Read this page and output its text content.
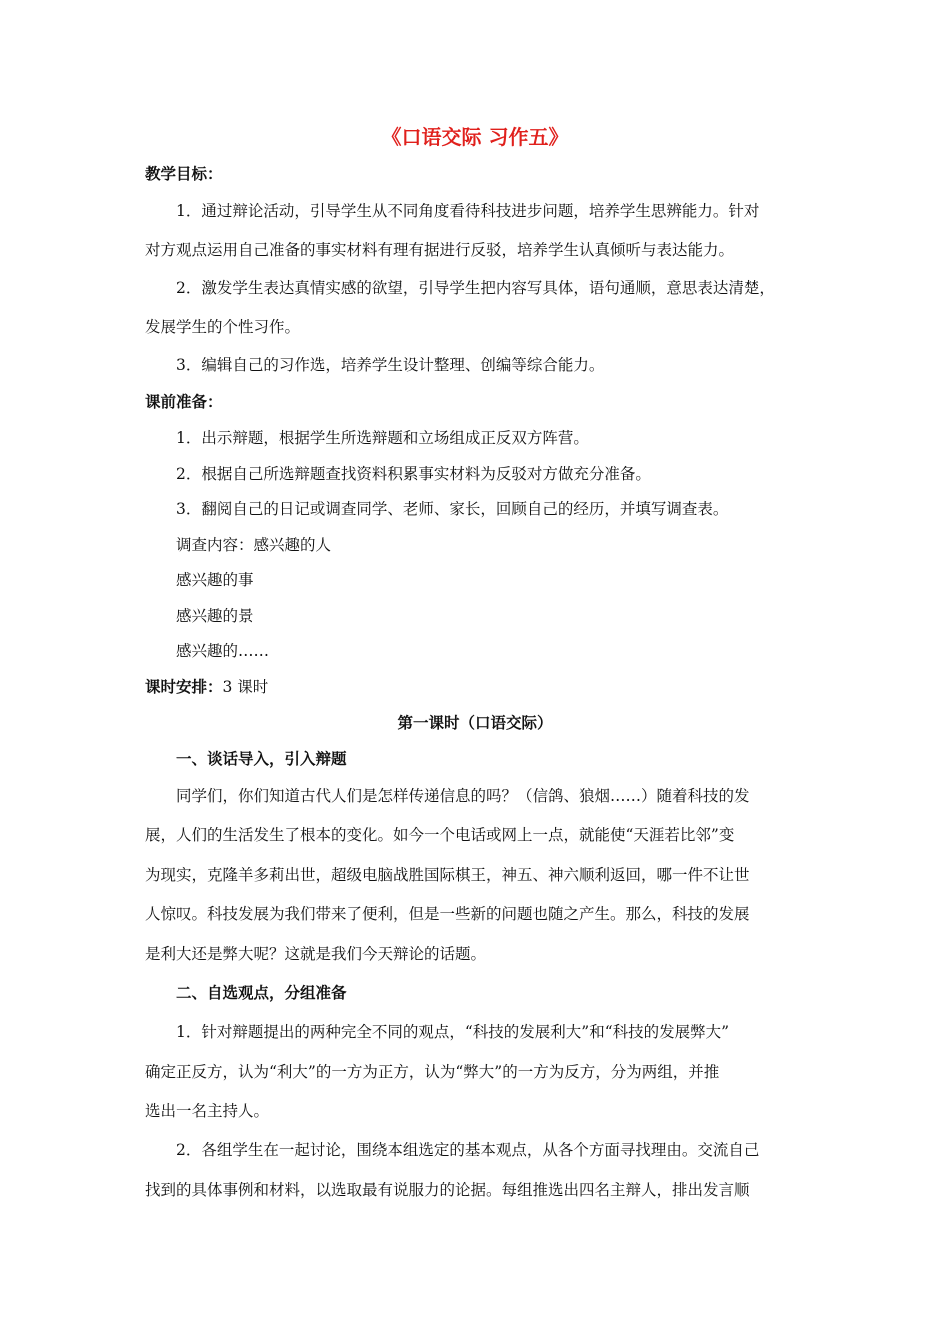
《口语交际 习作五》
教学目标：
1．通过辩论活动，引导学生从不同角度看待科技进步问题，培养学生思辨能力。针对
对方观点运用自己准备的事实材料有理有据进行反驳，培养学生认真倾听与表达能力。
2．激发学生表达真情实感的欲望，引导学生把内容写具体，语句通顺，意思表达清楚，
发展学生的个性习作。
3．编辑自己的习作选，培养学生设计整理、创编等综合能力。
课前准备：
1．出示辩题，根据学生所选辩题和立场组成正反双方阵营。
2．根据自己所选辩题查找资料积累事实材料为反驳对方做充分准备。
3．翻阅自己的日记或调查同学、老师、家长，回顾自己的经历，并填写调查表。
调查内容：感兴趣的人
感兴趣的事
感兴趣的景
感兴趣的……
课时安排：3 课时
第一课时（口语交际）
一、谈话导入，引入辩题
同学们，你们知道古代人们是怎样传递信息的吗？（信鸽、狼烟……）随着科技的发
展，人们的生活发生了根本的变化。如今一个电话或网上一点，就能使“天涯若比邻”变
为现实，克隆羊多莉出世，超级电脑战胜国际棋王，神五、神六顺利返回，哪一件不让世
人惊叹。科技发展为我们带来了便利，但是一些新的问题也随之产生。那么，科技的发展
是利大还是弊大呢？这就是我们今天辩论的话题。
二、自选观点，分组准备
1．针对辩题提出的两种完全不同的观点，“科技的发展利大”和“科技的发展弊大”
确定正反方，认为“利大”的一方为正方，认为“弊大”的一方为反方，分为两组，并推
选出一名主持人。
2．各组学生在一起讨论，围绕本组选定的基本观点，从各个方面寻找理由。交流自己
找到的具体事例和材料，以选取最有说服力的论据。每组推选出四名主辩人，排出发言顺
